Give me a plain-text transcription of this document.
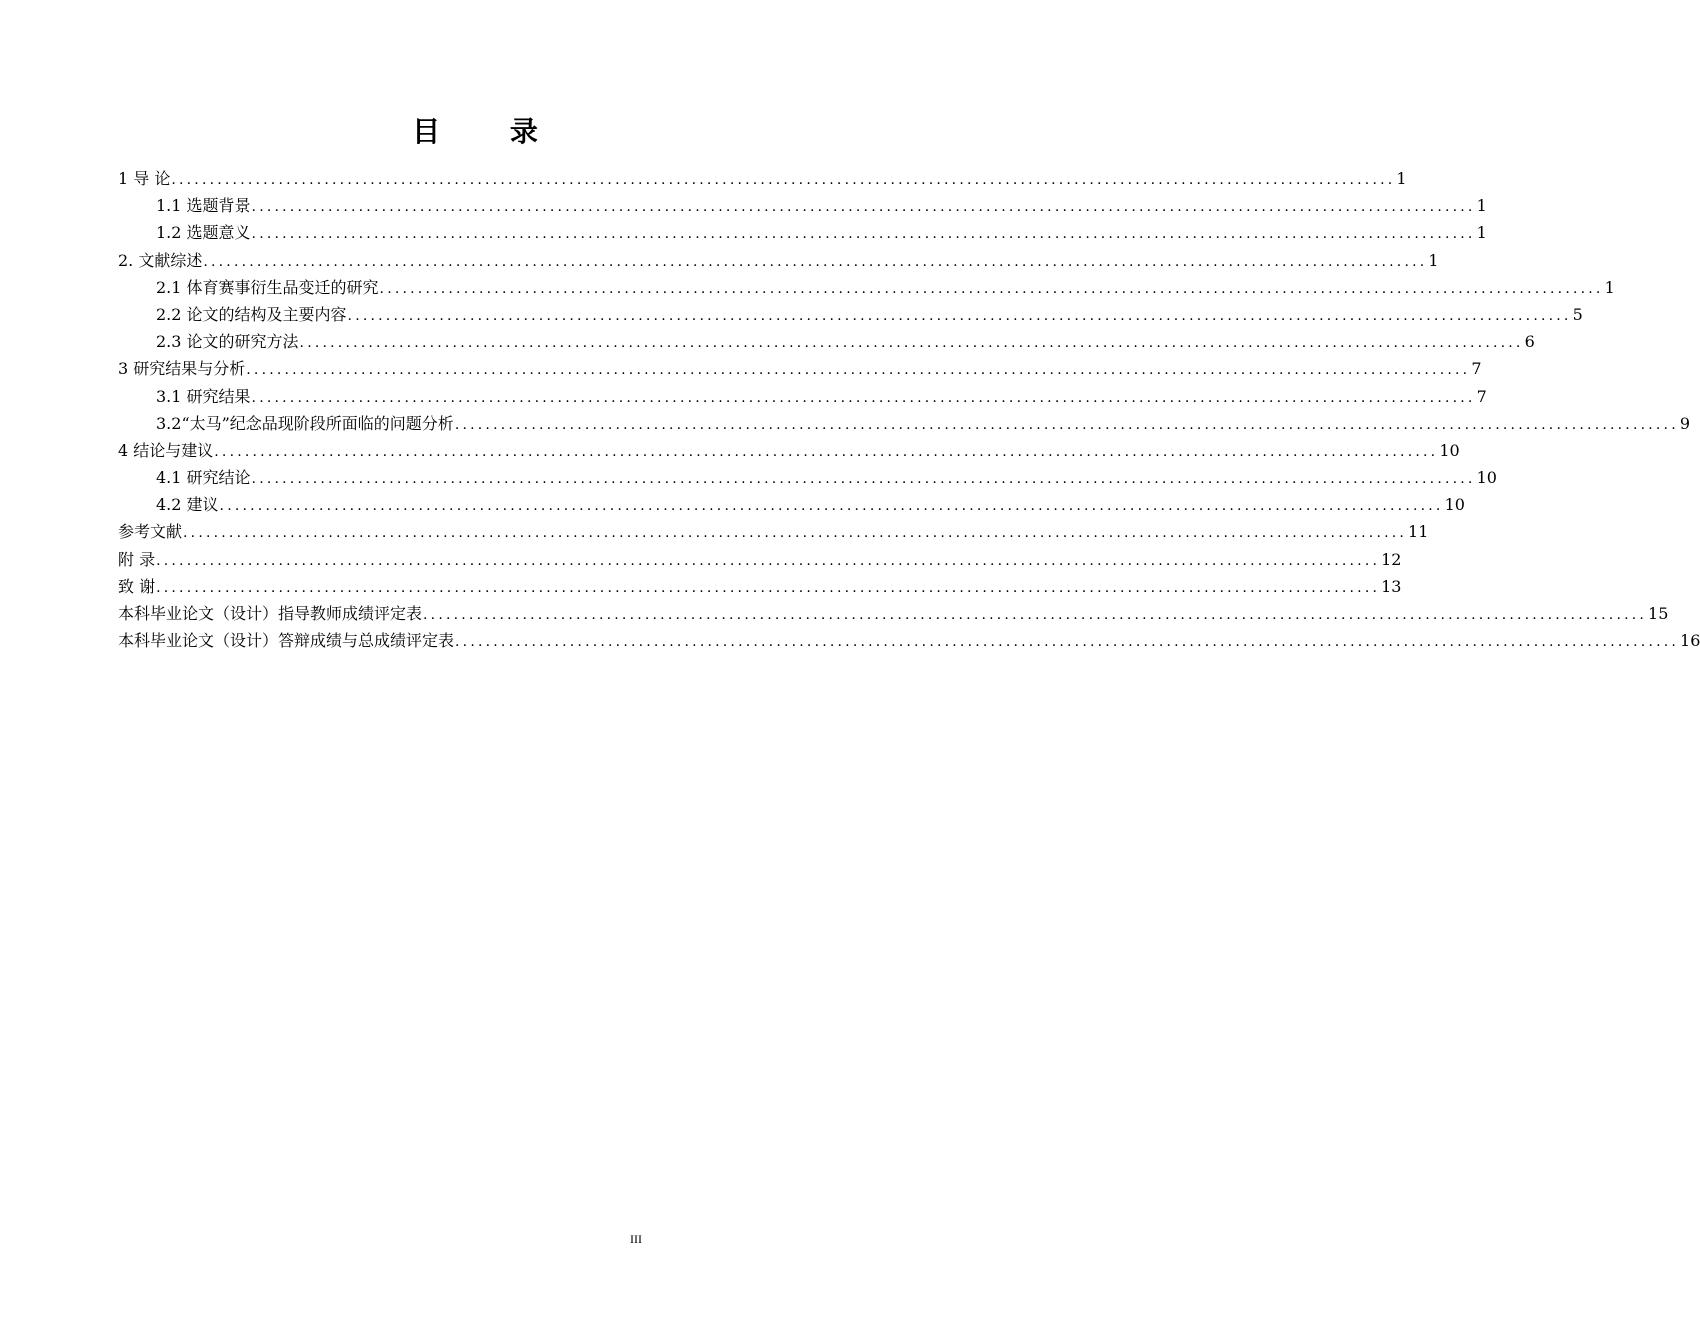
目 录
1 导 论 ................................................................................................................................................................ 1
1.1 选题背景 ................................................................................................................................................................ 1
1.2 选题意义 ................................................................................................................................................................ 1
2. 文献综述 ................................................................................................................................................................ 1
2.1 体育赛事衍生品变迁的研究 ................................................................................................................................................................ 1
2.2 论文的结构及主要内容 ................................................................................................................................................................ 5
2.3 论文的研究方法 ................................................................................................................................................................ 6
3 研究结果与分析 ................................................................................................................................................................ 7
3.1 研究结果 ................................................................................................................................................................ 7
3.2“太马”纪念品现阶段所面临的问题分析 ................................................................................................................................................................ 9
4 结论与建议 ................................................................................................................................................................ 10
4.1 研究结论 ................................................................................................................................................................ 10
4.2 建议 ................................................................................................................................................................ 10
参考文献 ................................................................................................................................................................ 11
附 录 ................................................................................................................................................................ 12
致 谢 ................................................................................................................................................................ 13
本科毕业论文（设计）指导教师成绩评定表 ................................................................................................................................................................ 15
本科毕业论文（设计）答辩成绩与总成绩评定表 ................................................................................................................................................................ 16
III
